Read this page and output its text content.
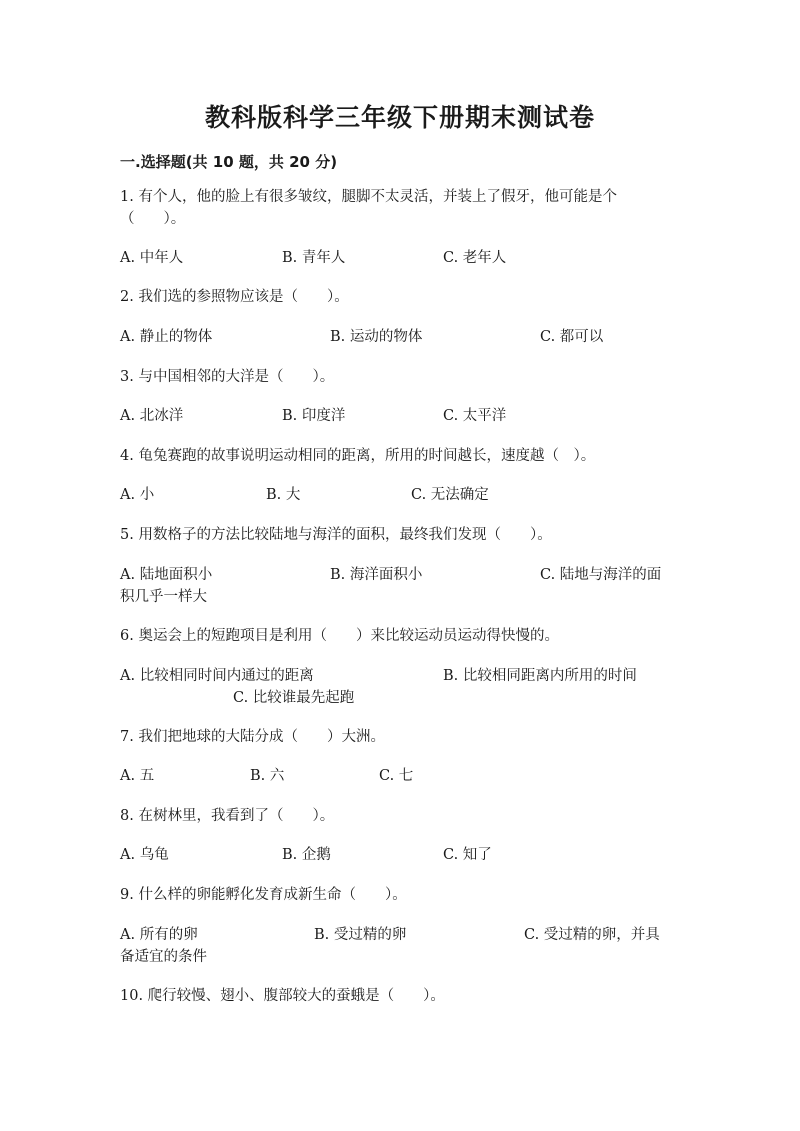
教科版科学三年级下册期末测试卷
一.选择题(共 10 题，共 20 分)
1. 有个人，他的脸上有很多皱纹，腿脚不太灵活，并装上了假牙，他可能是个
（　　）。
A. 中年人	B. 青年人	C. 老年人
2. 我们选的参照物应该是（　　）。
A. 静止的物体	B. 运动的物体	C. 都可以
3. 与中国相邻的大洋是（　　）。
A. 北冰洋	B. 印度洋	C. 太平洋
4. 龟兔赛跑的故事说明运动相同的距离，所用的时间越长，速度越（　）。
A. 小	B. 大	C. 无法确定
5. 用数格子的方法比较陆地与海洋的面积，最终我们发现（　　）。
A. 陆地面积小	B. 海洋面积小	C. 陆地与海洋的面
积几乎一样大
6. 奥运会上的短跑项目是利用（　　）来比较运动员运动得快慢的。
A. 比较相同时间内通过的距离	B. 比较相同距离内所用的时间
C. 比较谁最先起跑
7. 我们把地球的大陆分成（　　）大洲。
A. 五	B. 六	C. 七
8. 在树林里，我看到了（　　）。
A. 乌龟	B. 企鹅	C. 知了
9. 什么样的卵能孵化发育成新生命（　　）。
A. 所有的卵	B. 受过精的卵	C. 受过精的卵，并具
备适宜的条件
10. 爬行较慢、翅小、腹部较大的蚕蛾是（　　）。
